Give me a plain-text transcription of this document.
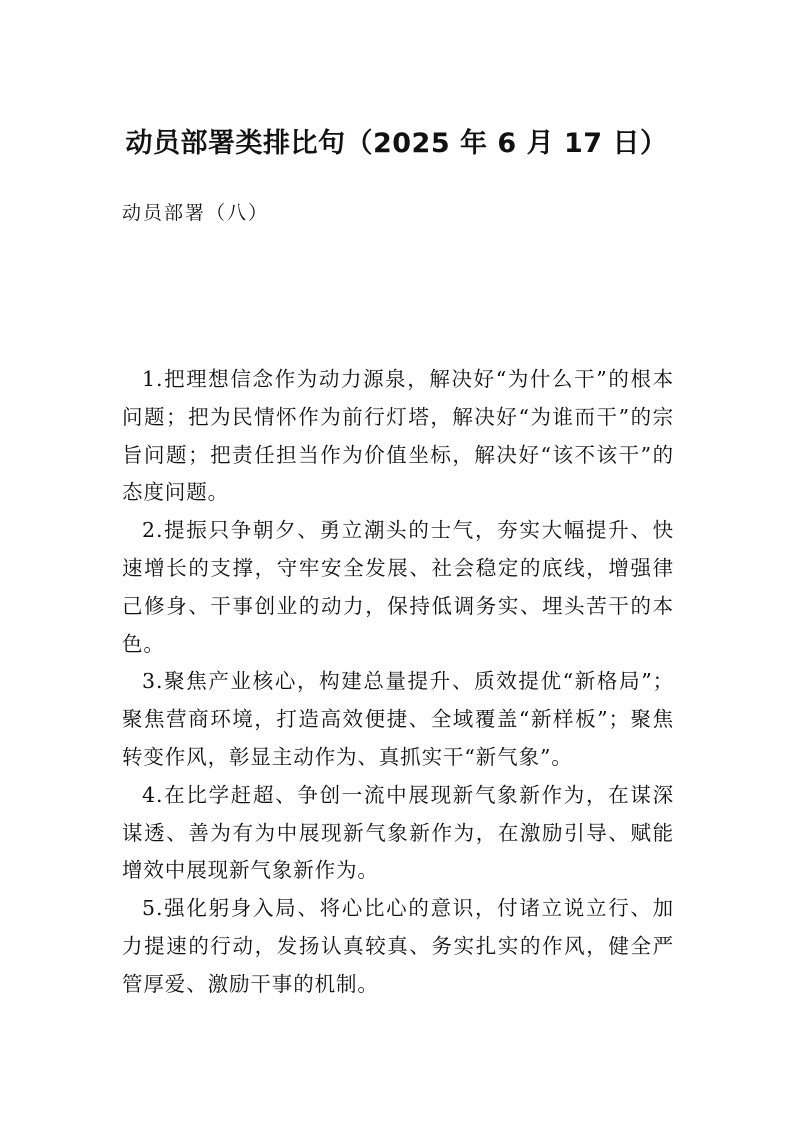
动员部署类排比句（2025 年 6 月 17 日）
动员部署（八）

1.把理想信念作为动力源泉，解决好“为什么干”的根本问题；把为民情怀作为前行灯塔，解决好“为谁而干”的宗旨问题；把责任担当作为价值坐标，解决好“该不该干”的态度问题。

2.提振只争朝夕、勇立潮头的士气，夯实大幅提升、快速增长的支撑，守牢安全发展、社会稳定的底线，增强律己修身、干事创业的动力，保持低调务实、埋头苦干的本色。

3.聚焦产业核心，构建总量提升、质效提优“新格局”；聚焦营商环境，打造高效便捷、全域覆盖“新样板”；聚焦转变作风，彰显主动作为、真抓实干“新气象”。

4.在比学赶超、争创一流中展现新气象新作为，在谋深谋透、善为有为中展现新气象新作为，在激励引导、赋能增效中展现新气象新作为。

5.强化躬身入局、将心比心的意识，付诸立说立行、加力提速的行动，发扬认真较真、务实扎实的作风，健全严管厚爱、激励干事的机制。
